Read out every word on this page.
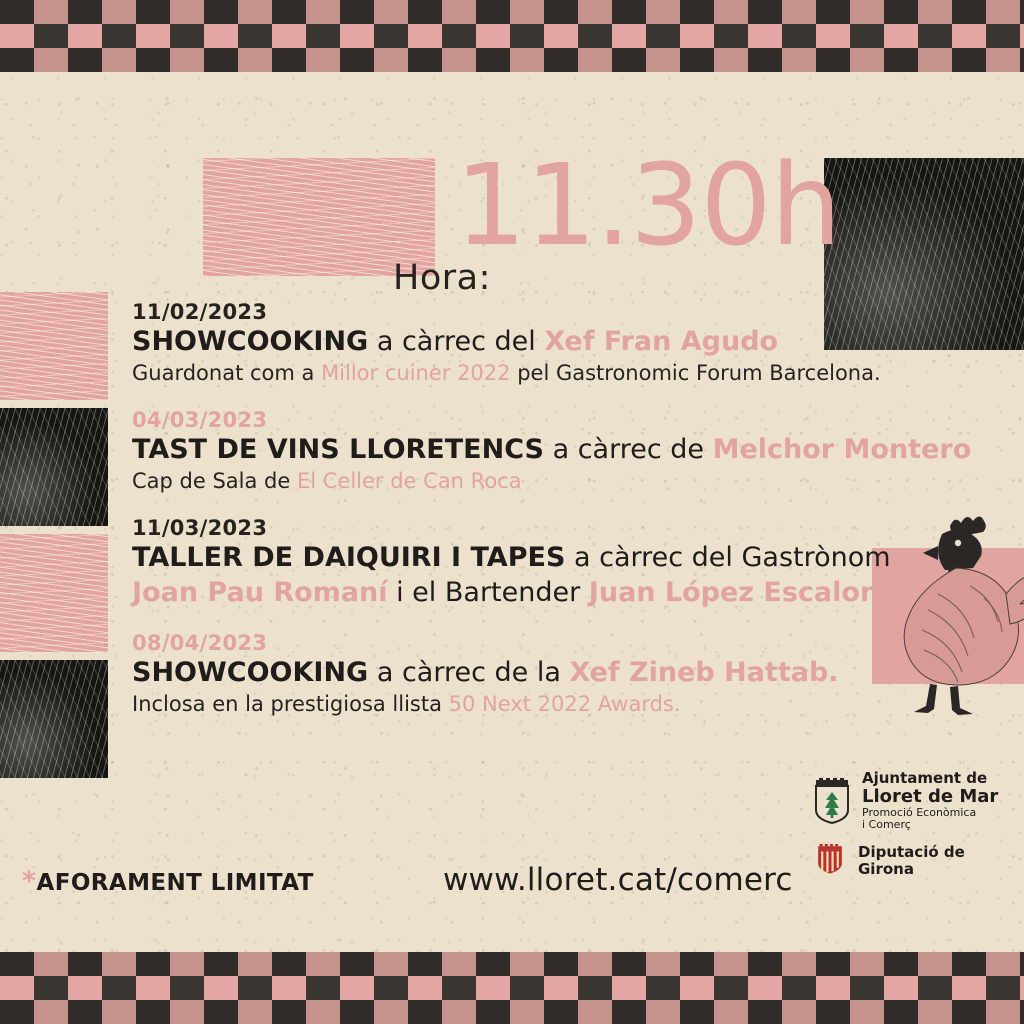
11.30h
Hora:
11/02/2023
SHOWCOOKING a càrrec del Xef Fran Agudo
Guardonat com a Millor cuiner 2022 pel Gastronomic Forum Barcelona.
04/03/2023
TAST DE VINS LLORETENCS a càrrec de Melchor Montero
Cap de Sala de El Celler de Can Roca
11/03/2023
TALLER DE DAIQUIRI I TAPES a càrrec del Gastrònom
Joan Pau Romaní i el Bartender Juan López Escalona
08/04/2023
SHOWCOOKING a càrrec de la Xef Zineb Hattab.
Inclosa en la prestigiosa llista 50 Next 2022 Awards.
*AFORAMENT LIMITAT	www.lloret.cat/comerc
Ajuntament de
Lloret de Mar
Promoció Econòmica
i Comerç
Diputació de Girona
